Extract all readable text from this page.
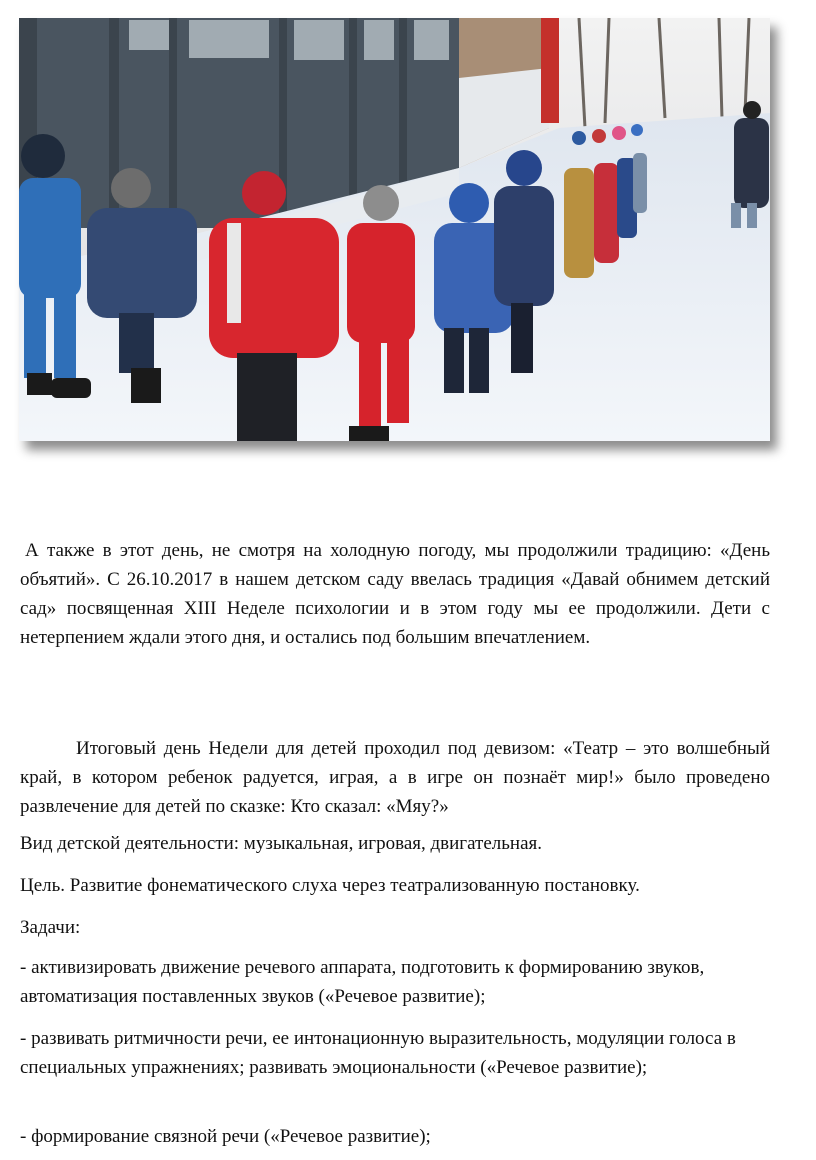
А также в этот день, не смотря на холодную погоду, мы продолжили традицию: «День объятий». С 26.10.2017 в нашем детском саду ввелась традиция «Давай обнимем детский сад» посвященная XIII Неделе психологии и в этом году мы ее продолжили. Дети с нетерпением ждали этого дня, и остались под большим впечатлением.
Итоговый день Недели для детей проходил под девизом: «Театр – это волшебный край, в котором ребенок радуется, играя, а в игре он познаёт мир!» было проведено развлечение для детей по сказке: Кто сказал: «Мяу?»
Вид детской деятельности: музыкальная, игровая, двигательная.
Цель. Развитие фонематического слуха через театрализованную постановку.
Задачи:
- активизировать движение речевого аппарата, подготовить к формированию звуков, автоматизация поставленных звуков («Речевое развитие);
- развивать ритмичности речи, ее интонационную выразительность, модуляции голоса в специальных упражнениях; развивать эмоциональности («Речевое развитие);
- формирование связной речи («Речевое развитие);
